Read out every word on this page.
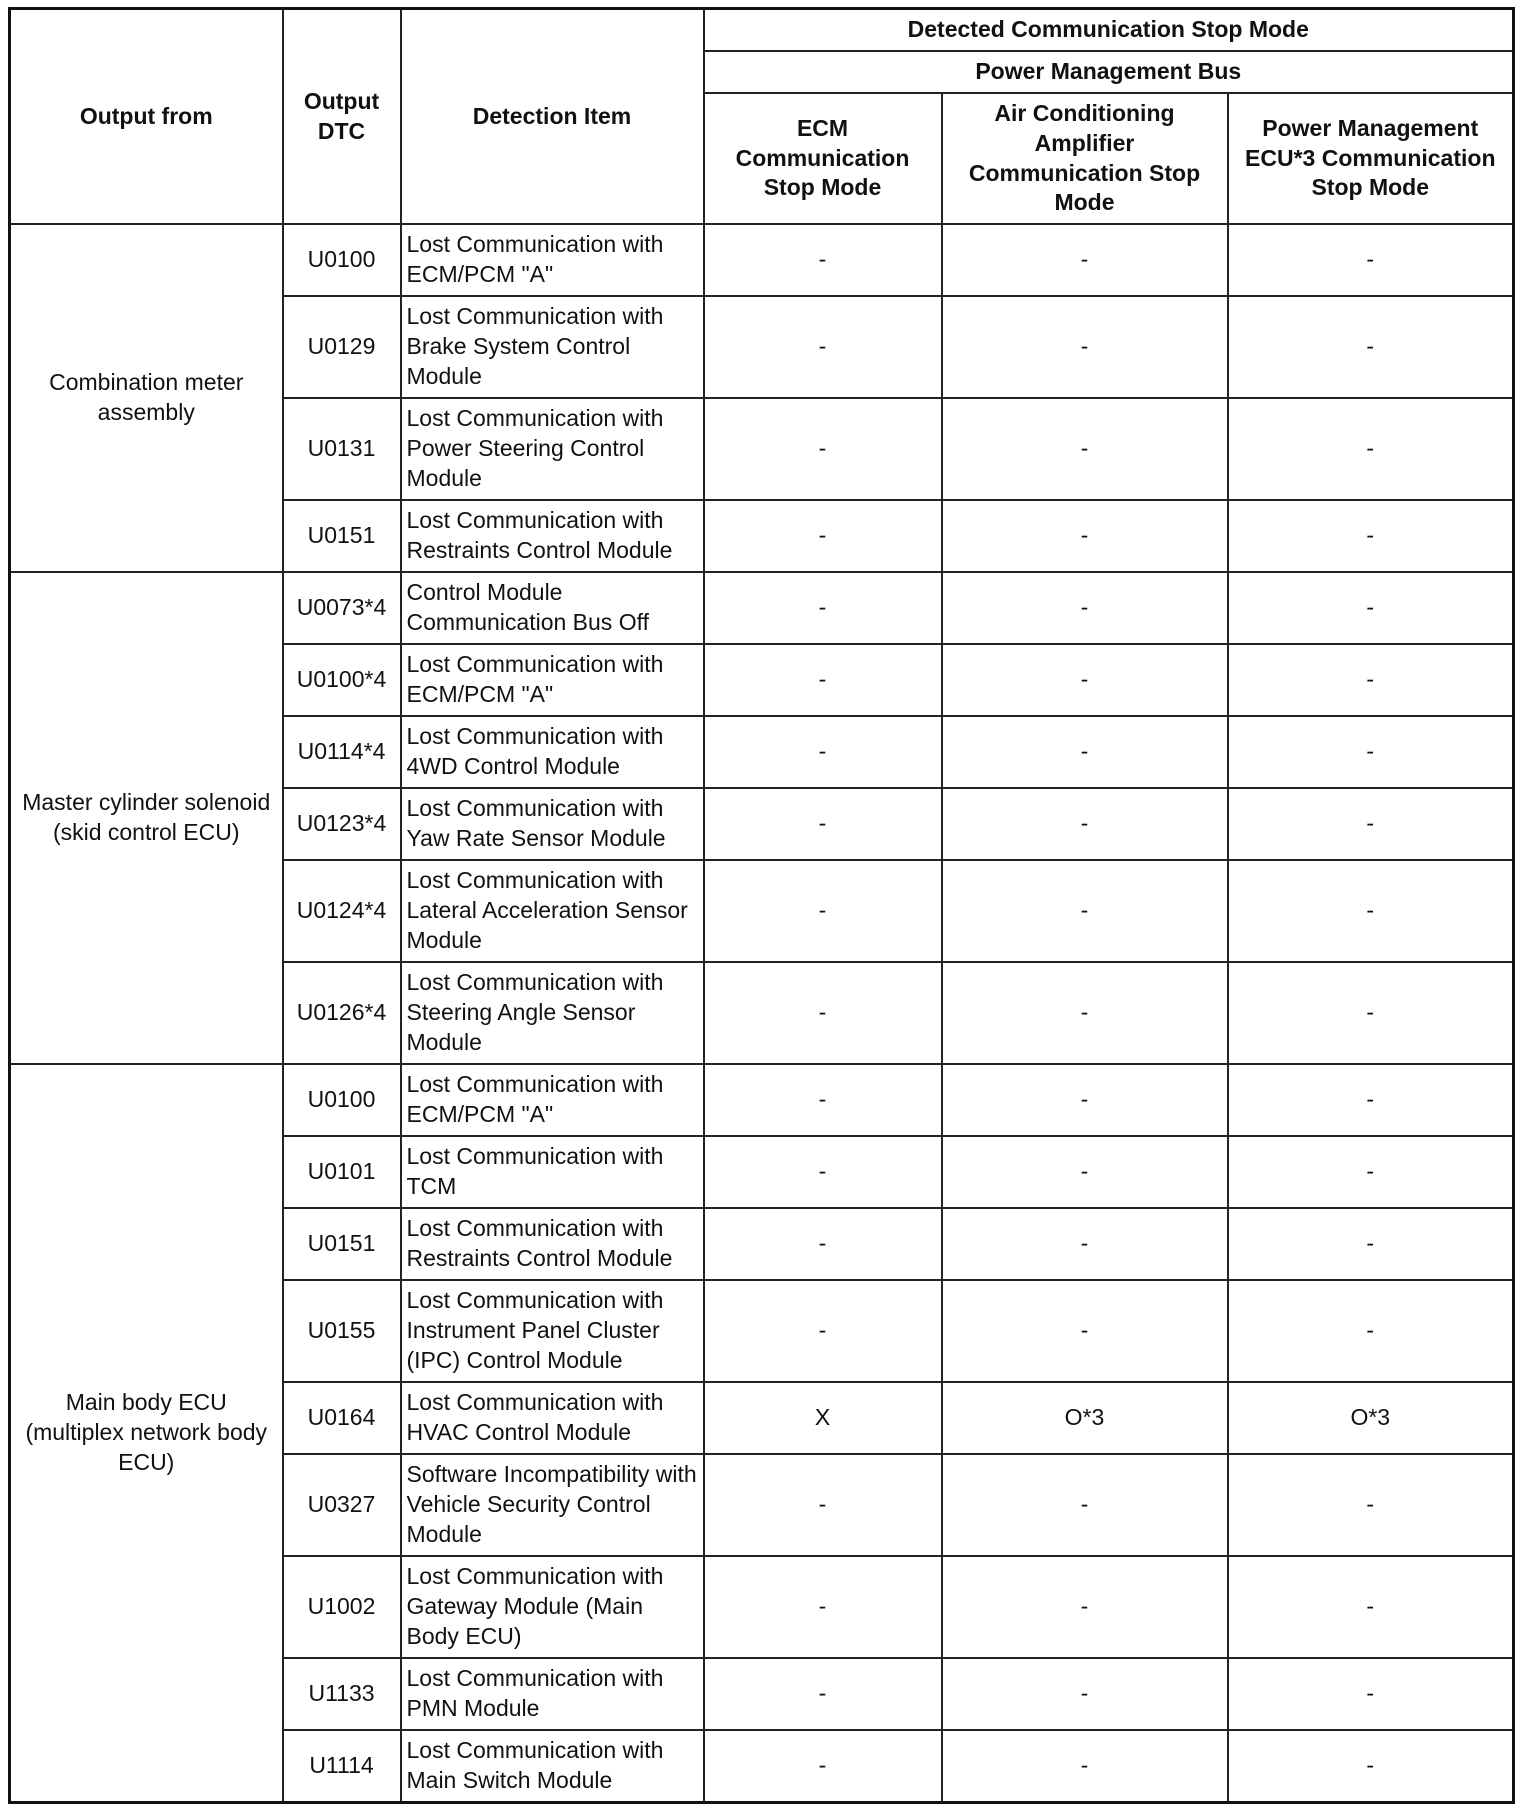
Output from	Output DTC	Detection Item	Detected Communication Stop Mode		
			Power Management Bus		
			ECM Communication Stop Mode	Air Conditioning Amplifier Communication Stop Mode	Power Management ECU*3 Communication Stop Mode
Combination meter assembly	U0100	Lost Communication with ECM/PCM "A"	-	-	-
	U0129	Lost Communication with Brake System Control Module	-	-	-
	U0131	Lost Communication with Power Steering Control Module	-	-	-
	U0151	Lost Communication with Restraints Control Module	-	-	-
Master cylinder solenoid (skid control ECU)	U0073*4	Control Module Communication Bus Off	-	-	-
	U0100*4	Lost Communication with ECM/PCM "A"	-	-	-
	U0114*4	Lost Communication with 4WD Control Module	-	-	-
	U0123*4	Lost Communication with Yaw Rate Sensor Module	-	-	-
	U0124*4	Lost Communication with Lateral Acceleration Sensor Module	-	-	-
	U0126*4	Lost Communication with Steering Angle Sensor Module	-	-	-
Main body ECU (multiplex network body ECU)	U0100	Lost Communication with ECM/PCM "A"	-	-	-
	U0101	Lost Communication with TCM	-	-	-
	U0151	Lost Communication with Restraints Control Module	-	-	-
	U0155	Lost Communication with Instrument Panel Cluster (IPC) Control Module	-	-	-
	U0164	Lost Communication with HVAC Control Module	X	O*3	O*3
	U0327	Software Incompatibility with Vehicle Security Control Module	-	-	-
	U1002	Lost Communication with Gateway Module (Main Body ECU)	-	-	-
	U1133	Lost Communication with PMN Module	-	-	-
	U1114	Lost Communication with Main Switch Module	-	-	-
